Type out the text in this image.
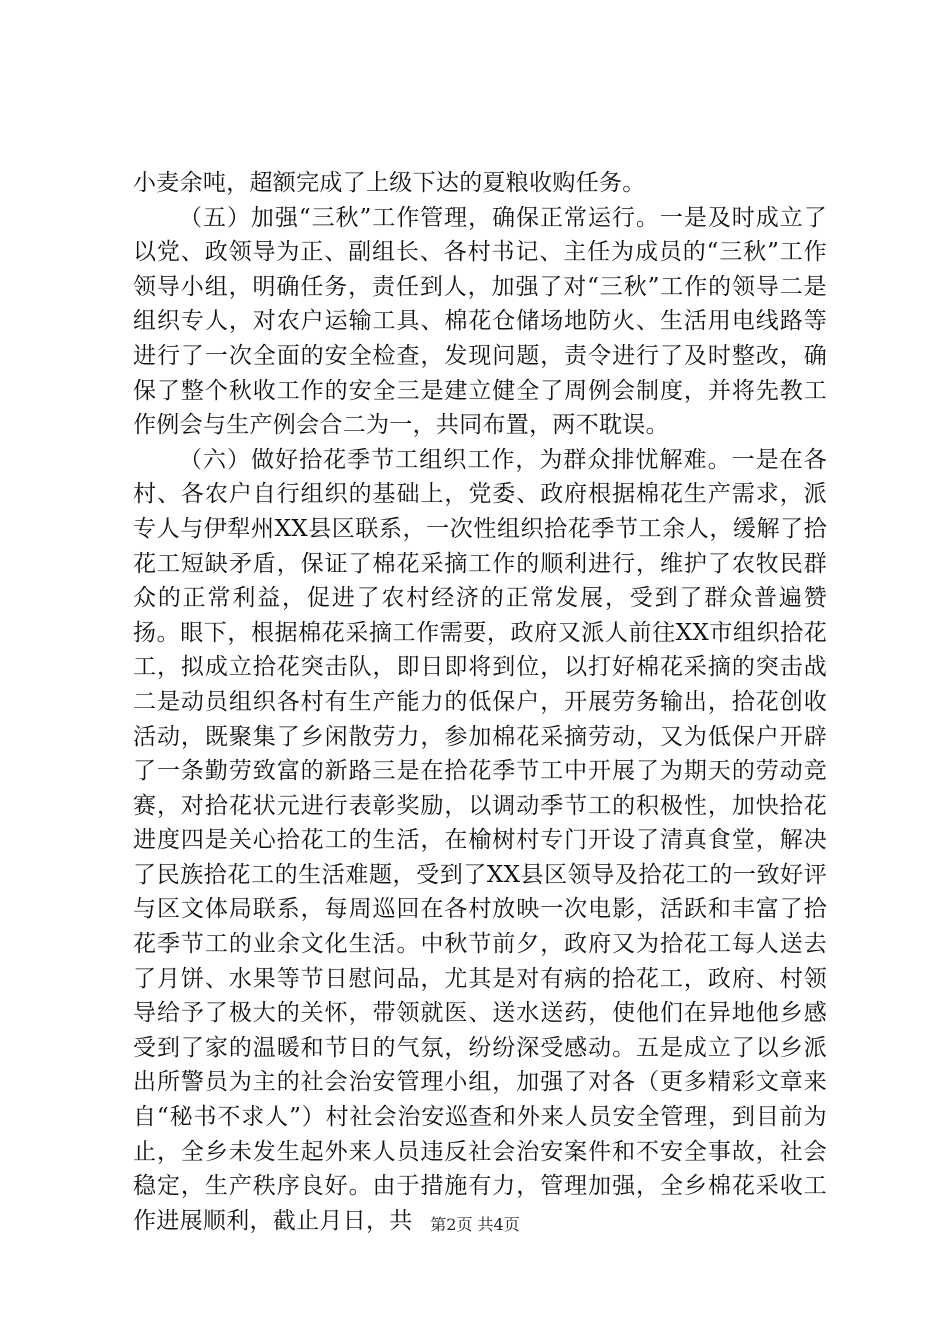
小麦余吨，超额完成了上级下达的夏粮收购任务。

（五）加强“三秋”工作管理，确保正常运行。一是及时成立了以党、政领导为正、副组长、各村书记、主任为成员的“三秋”工作领导小组，明确任务，责任到人，加强了对“三秋”工作的领导二是组织专人，对农户运输工具、棉花仓储场地防火、生活用电线路等进行了一次全面的安全检查，发现问题，责令进行了及时整改，确保了整个秋收工作的安全三是建立健全了周例会制度，并将先教工作例会与生产例会合二为一，共同布置，两不耽误。

（六）做好拾花季节工组织工作，为群众排忧解难。一是在各村、各农户自行组织的基础上，党委、政府根据棉花生产需求，派专人与伊犁州XX县区联系，一次性组织拾花季节工余人，缓解了拾花工短缺矛盾，保证了棉花采摘工作的顺利进行，维护了农牧民群众的正常利益，促进了农村经济的正常发展，受到了群众普遍赞扬。眼下，根据棉花采摘工作需要，政府又派人前往XX市组织拾花工，拟成立拾花突击队，即日即将到位，以打好棉花采摘的突击战二是动员组织各村有生产能力的低保户，开展劳务输出，拾花创收活动，既聚集了乡闲散劳力，参加棉花采摘劳动，又为低保户开辟了一条勤劳致富的新路三是在拾花季节工中开展了为期天的劳动竞赛，对拾花状元进行表彰奖励，以调动季节工的积极性，加快拾花进度四是关心拾花工的生活，在榆树村专门开设了清真食堂，解决了民族拾花工的生活难题，受到了XX县区领导及拾花工的一致好评与区文体局联系，每周巡回在各村放映一次电影，活跃和丰富了拾花季节工的业余文化生活。中秋节前夕，政府又为拾花工每人送去了月饼、水果等节日慰问品，尤其是对有病的拾花工，政府、村领导给予了极大的关怀，带领就医、送水送药，使他们在异地他乡感受到了家的温暖和节日的气氛，纷纷深受感动。五是成立了以乡派出所警员为主的社会治安管理小组，加强了对各（更多精彩文章来自“秘书不求人”）村社会治安巡查和外来人员安全管理，到目前为止，全乡未发生起外来人员违反社会治安案件和不安全事故，社会稳定，生产秩序良好。由于措施有力，管理加强，全乡棉花采收工作进展顺利，截止月日，共	第2页 共4页
